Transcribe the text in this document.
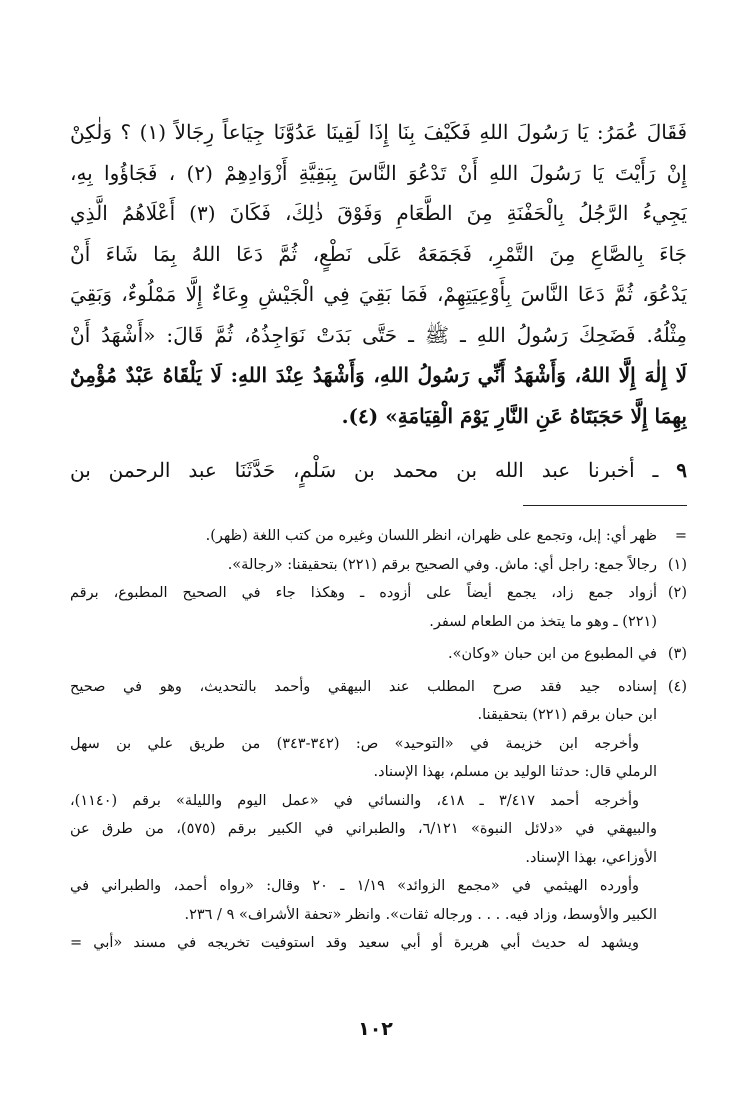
فَقَالَ عُمَرُ: يَا رَسُولَ اللهِ فَكَيْفَ بِنَا إِذَا لَقِينَا عَدُوَّنَا جِيَاعاً رِجَالاً (١) ؟ وَلٰكِنْ
إِنْ رَأَيْتَ يَا رَسُولَ اللهِ أَنْ تَدْعُوَ النَّاسَ بِبَقِيَّةِ أَزْوَادِهِمْ (٢) ، فَجَاؤُوا بِهِ،
يَجِيءُ الرَّجُلُ بِالْحَفْنَةِ مِنَ الطَّعَامِ وَفَوْقَ ذٰلِكَ، فَكَانَ (٣) أَعْلَاهُمُ الَّذِي
جَاءَ بِالصَّاعِ مِنَ التَّمْرِ، فَجَمَعَهُ عَلَى نَطْعٍ، ثُمَّ دَعَا اللهُ بِمَا شَاءَ أَنْ
يَدْعُوَ، ثُمَّ دَعَا النَّاسَ بِأَوْعِيَتِهِمْ، فَمَا بَقِيَ فِي الْجَيْشِ وِعَاءٌ إِلَّا مَمْلُوءٌ، وَبَقِيَ
مِثْلُهُ. فَضَحِكَ رَسُولُ اللهِ ـ ﷺ ـ حَتَّى بَدَتْ نَوَاجِذُهُ، ثُمَّ قَالَ: «أَشْهَدُ أَنْ
لَا إِلٰهَ إِلَّا اللهُ، وَأَشْهَدُ أَنِّي رَسُولُ اللهِ، وَأَشْهَدُ عِنْدَ اللهِ: لَا يَلْقَاهُ عَبْدٌ مُؤْمِنٌ
بِهِمَا إِلَّا حَجَبَتَاهُ عَنِ النَّارِ يَوْمَ الْقِيَامَةِ» (٤).
٩ ـ أخبرنا عبد الله بن محمد بن سَلْمٍ، حَدَّثَنَا عبد الرحمن بن
=
ظهر أي: إبل، وتجمع على ظهران، انظر اللسان وغيره من كتب اللغة (ظهر).
(١)
رجالاً جمع: راجل أي: ماش. وفي الصحيح برقم (٢٢١) بتحقيقنا: «رجالة».
(٢)
أزواد جمع زاد، يجمع أيضاً على أزوده ـ وهكذا جاء في الصحيح المطبوع، برقم
(٢٢١) ـ وهو ما يتخذ من الطعام لسفر.
(٣)
في المطبوع من ابن حبان «وكان».
(٤)
إسناده جيد فقد صرح المطلب عند البيهقي وأحمد بالتحديث، وهو في صحيح
ابن حبان برقم (٢٢١) بتحقيقنا.
وأخرجه ابن خزيمة في «التوحيد» ص: (٣٤٢-٣٤٣) من طريق علي بن سهل
الرملي قال: حدثنا الوليد بن مسلم، بهذا الإسناد.
وأخرجه أحمد ٣/٤١٧ ـ ٤١٨، والنسائي في «عمل اليوم والليلة» برقم (١١٤٠)،
والبيهقي في «دلائل النبوة» ٦/١٢١، والطبراني في الكبير برقم (٥٧٥)، من طرق عن
الأوزاعي، بهذا الإسناد.
وأورده الهيثمي في «مجمع الزوائد» ١/١٩ ـ ٢٠ وقال: «رواه أحمد، والطبراني في
الكبير والأوسط، وزاد فيه. . . . ورجاله ثقات». وانظر «تحفة الأشراف» ٩ / ٢٣٦.
ويشهد له حديث أبي هريرة أو أبي سعيد وقد استوفيت تخريجه في مسند «أبي =
١٠٢
